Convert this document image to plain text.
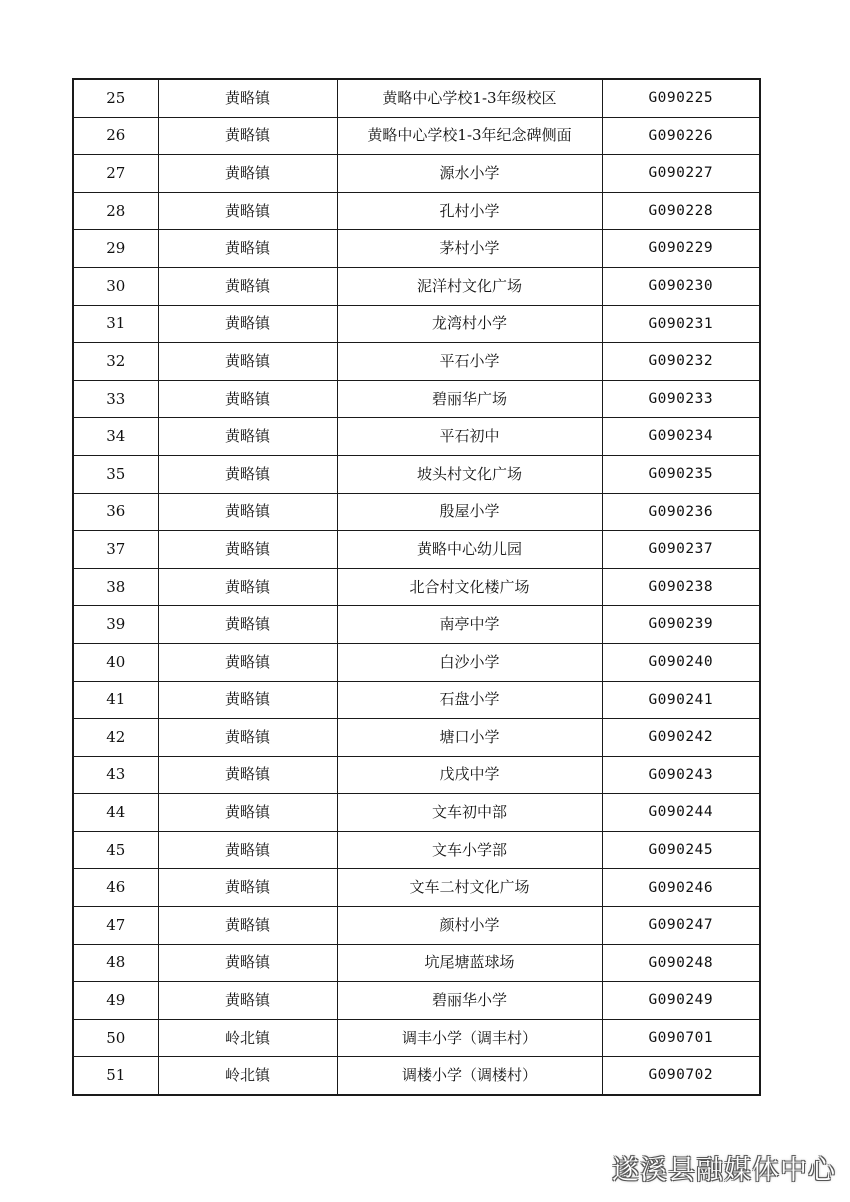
25	黄略镇	黄略中心学校1-3年级校区	G090225
26	黄略镇	黄略中心学校1-3年纪念碑侧面	G090226
27	黄略镇	源水小学	G090227
28	黄略镇	孔村小学	G090228
29	黄略镇	茅村小学	G090229
30	黄略镇	泥洋村文化广场	G090230
31	黄略镇	龙湾村小学	G090231
32	黄略镇	平石小学	G090232
33	黄略镇	碧丽华广场	G090233
34	黄略镇	平石初中	G090234
35	黄略镇	坡头村文化广场	G090235
36	黄略镇	殷屋小学	G090236
37	黄略镇	黄略中心幼儿园	G090237
38	黄略镇	北合村文化楼广场	G090238
39	黄略镇	南亭中学	G090239
40	黄略镇	白沙小学	G090240
41	黄略镇	石盘小学	G090241
42	黄略镇	塘口小学	G090242
43	黄略镇	戊戌中学	G090243
44	黄略镇	文车初中部	G090244
45	黄略镇	文车小学部	G090245
46	黄略镇	文车二村文化广场	G090246
47	黄略镇	颜村小学	G090247
48	黄略镇	坑尾塘蓝球场	G090248
49	黄略镇	碧丽华小学	G090249
50	岭北镇	调丰小学（调丰村）	G090701
51	岭北镇	调楼小学（调楼村）	G090702
遂溪县融媒体中心
